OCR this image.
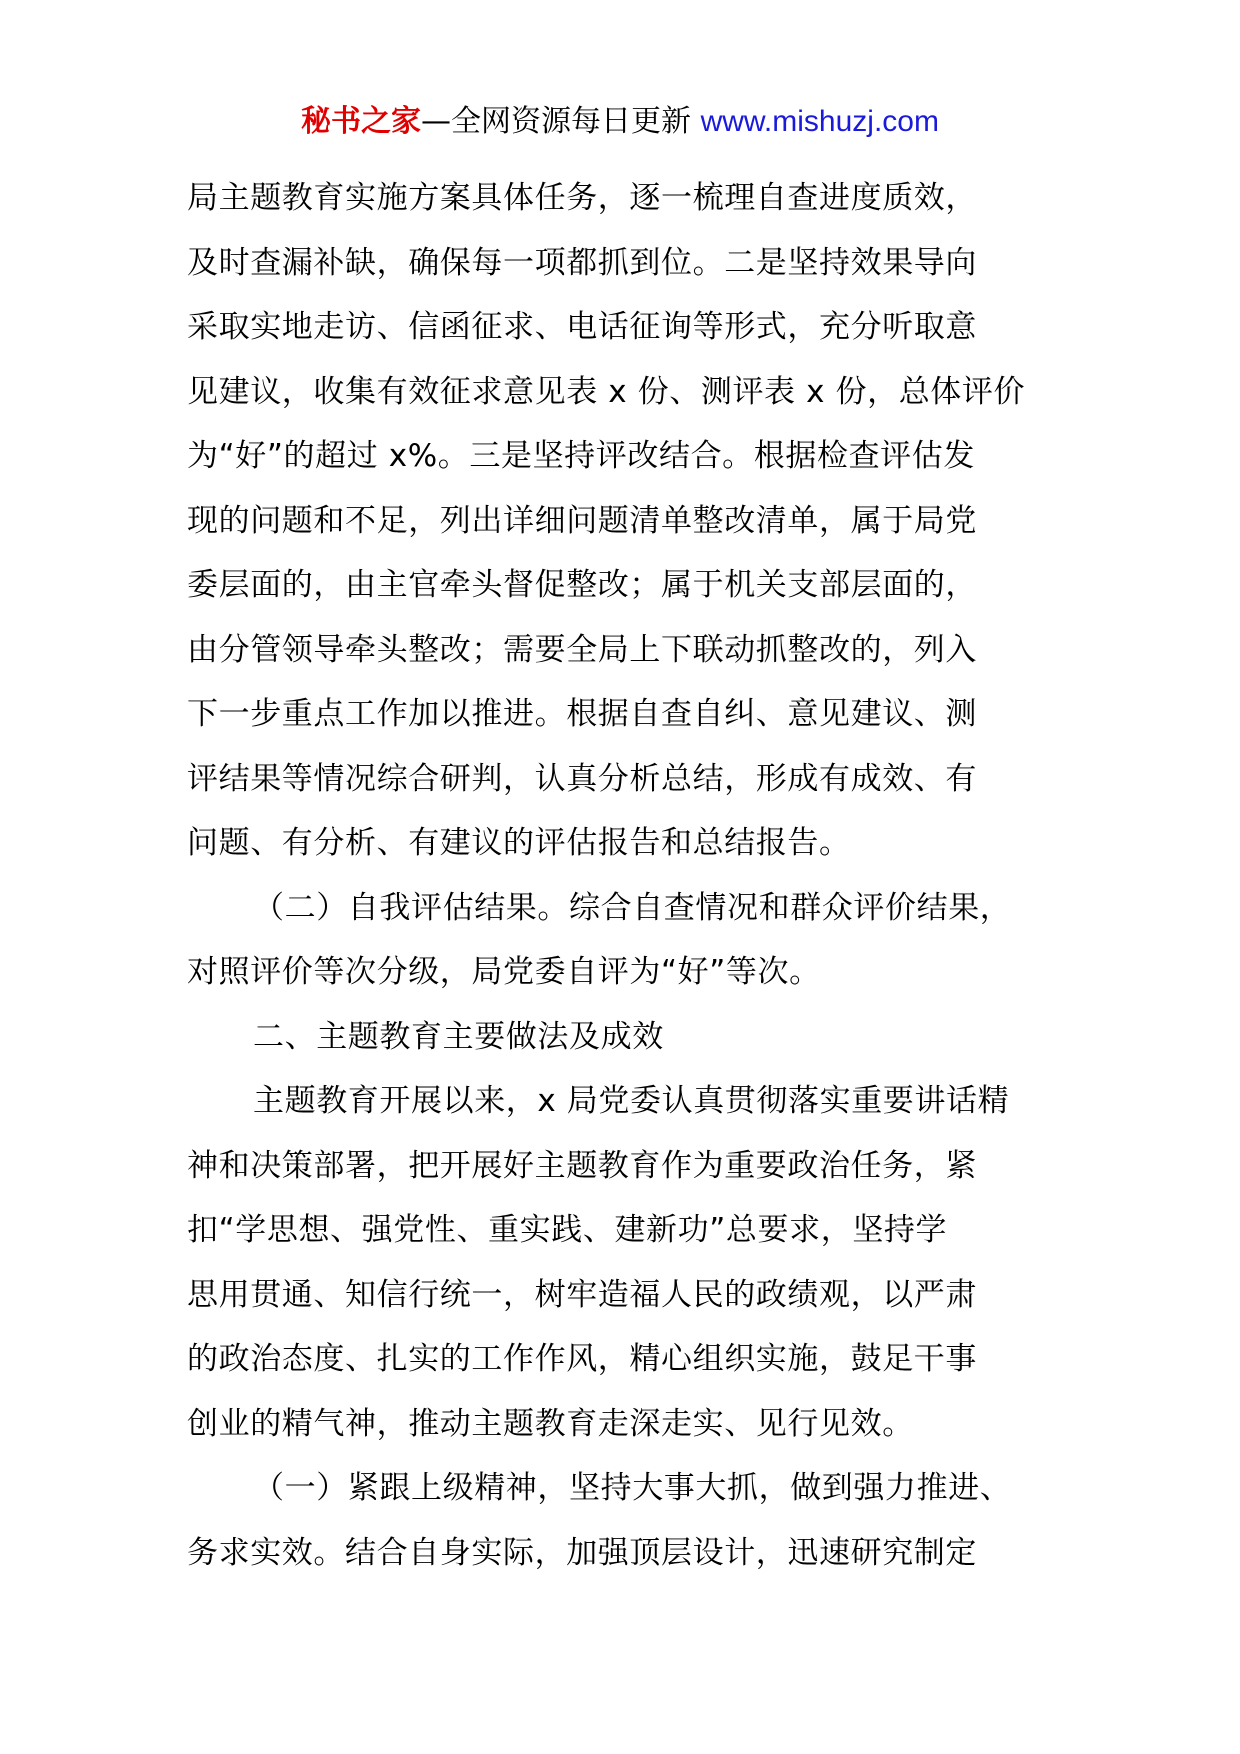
秘书之家—全网资源每日更新 www.mishuzj.com
局主题教育实施方案具体任务，逐一梳理自查进度质效，
及时查漏补缺，确保每一项都抓到位。二是坚持效果导向
采取实地走访、信函征求、电话征询等形式，充分听取意
见建议，收集有效征求意见表 x 份、测评表 x 份，总体评价
为“好”的超过 x%。三是坚持评改结合。根据检查评估发
现的问题和不足，列出详细问题清单整改清单，属于局党
委层面的，由主官牵头督促整改；属于机关支部层面的，
由分管领导牵头整改；需要全局上下联动抓整改的，列入
下一步重点工作加以推进。根据自查自纠、意见建议、测
评结果等情况综合研判，认真分析总结，形成有成效、有
问题、有分析、有建议的评估报告和总结报告。
（二）自我评估结果。综合自查情况和群众评价结果，
对照评价等次分级，局党委自评为“好”等次。
二、主题教育主要做法及成效
主题教育开展以来，x 局党委认真贯彻落实重要讲话精
神和决策部署，把开展好主题教育作为重要政治任务，紧
扣“学思想、强党性、重实践、建新功”总要求，坚持学
思用贯通、知信行统一，树牢造福人民的政绩观，以严肃
的政治态度、扎实的工作作风，精心组织实施，鼓足干事
创业的精气神，推动主题教育走深走实、见行见效。
（一）紧跟上级精神，坚持大事大抓，做到强力推进、
务求实效。结合自身实际，加强顶层设计，迅速研究制定
